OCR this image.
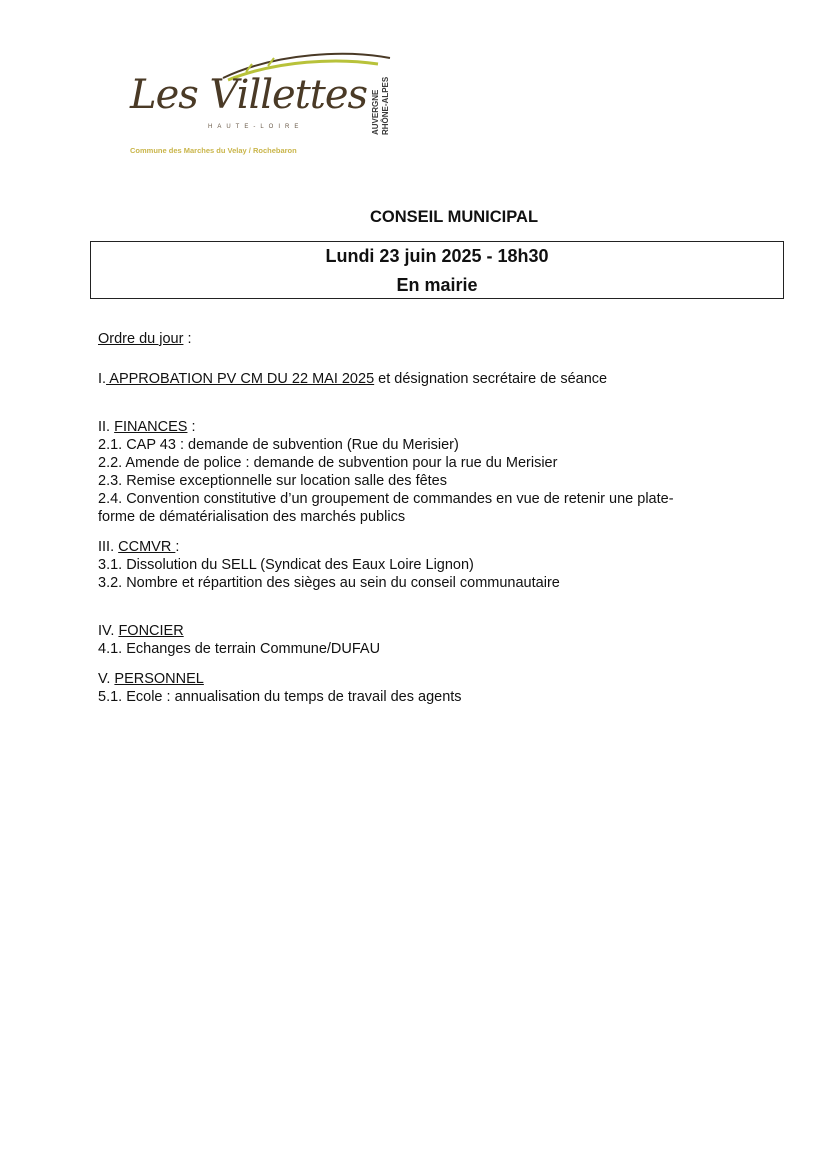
Les Villettes
HAUTE-LOIRE
Commune des Marches du Velay / Rochebaron
AUVERGNE RHÔNE-ALPES
CONSEIL MUNICIPAL
Lundi 23 juin 2025 - 18h30
En mairie
Ordre du jour :
I. APPROBATION PV CM DU 22 MAI 2025 et désignation secrétaire de séance
II. FINANCES :
2.1. CAP 43 : demande de subvention (Rue du Merisier)
2.2. Amende de police : demande de subvention pour la rue du Merisier
2.3. Remise exceptionnelle sur location salle des fêtes
2.4. Convention constitutive d’un groupement de commandes en vue de retenir une plate-
forme de dématérialisation des marchés publics
III. CCMVR :
3.1. Dissolution du SELL (Syndicat des Eaux Loire Lignon)
3.2. Nombre et répartition des sièges au sein du conseil communautaire
IV. FONCIER
4.1. Echanges de terrain Commune/DUFAU
V. PERSONNEL
5.1. Ecole : annualisation du temps de travail des agents
